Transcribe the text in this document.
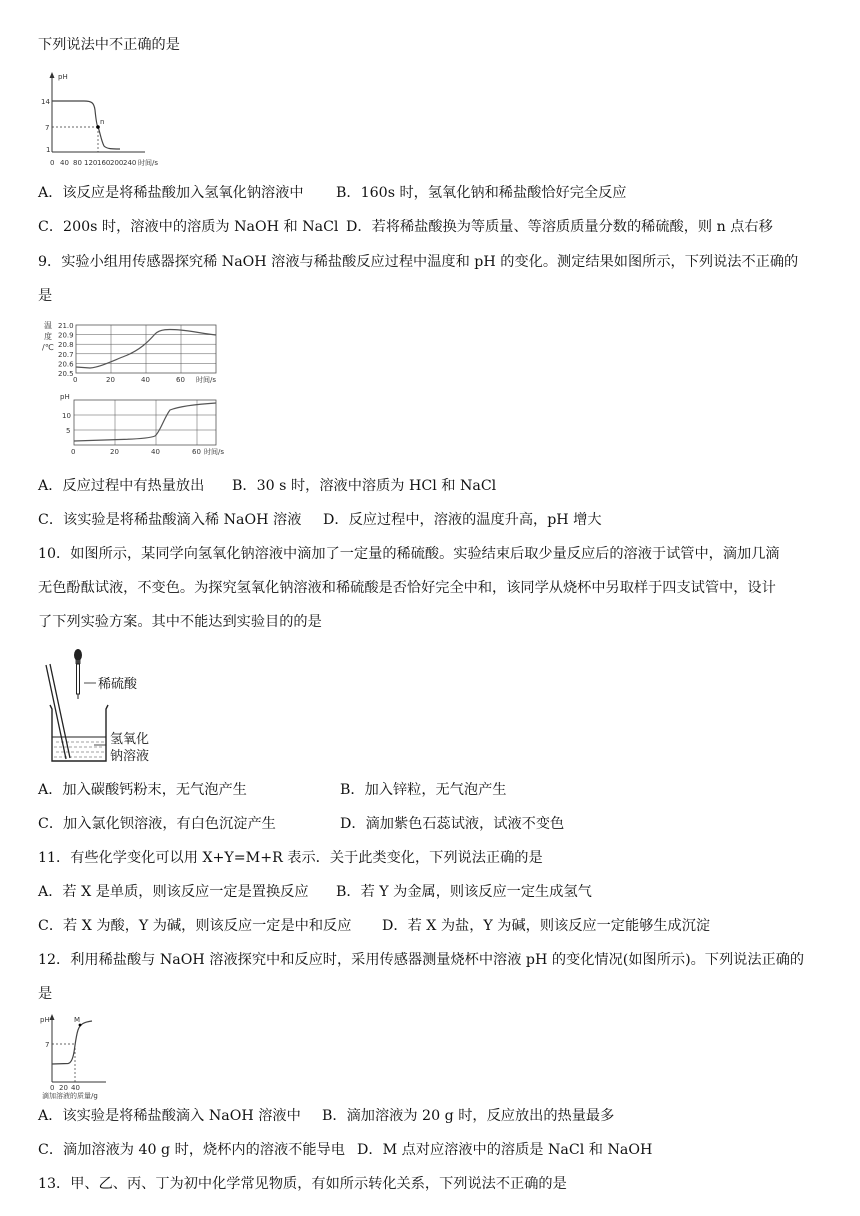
下列说法中不正确的是
pH
14
7
1
n
0 40 80 120 160 200 240 时间/s
A．该反应是将稀盐酸加入氢氧化钠溶液中 B．160s 时，氢氧化钠和稀盐酸恰好完全反应
C．200s 时，溶液中的溶质为 NaOH 和 NaCl D．若将稀盐酸换为等质量、等溶质质量分数的稀硫酸，则 n 点右移
9．实验小组用传感器探究稀 NaOH 溶液与稀盐酸反应过程中温度和 pH 的变化。测定结果如图所示，下列说法不正确的
是
温
度
/℃
21.0
20.9
20.8
20.7
20.6
20.5
0	20	40	60 时间/s
pH
10
5
0	20	40	60 时间/s
A．反应过程中有热量放出 B．30 s 时，溶液中溶质为 HCl 和 NaCl
C．该实验是将稀盐酸滴入稀 NaOH 溶液 D．反应过程中，溶液的温度升高，pH 增大
10．如图所示，某同学向氢氧化钠溶液中滴加了一定量的稀硫酸。实验结束后取少量反应后的溶液于试管中，滴加几滴
无色酚酞试液，不变色。为探究氢氧化钠溶液和稀硫酸是否恰好完全中和，该同学从烧杯中另取样于四支试管中，设计
了下列实验方案。其中不能达到实验目的的是
稀硫酸
氢氧化
钠溶液
A．加入碳酸钙粉末，无气泡产生	B．加入锌粒，无气泡产生
C．加入氯化钡溶液，有白色沉淀产生	D．滴加紫色石蕊试液，试液不变色
11．有些化学变化可以用 X+Y=M+R 表示．关于此类变化，下列说法正确的是
A．若 X 是单质，则该反应一定是置换反应 B．若 Y 为金属，则该反应一定生成氢气
C．若 X 为酸，Y 为碱，则该反应一定是中和反应 D．若 X 为盐，Y 为碱，则该反应一定能够生成沉淀
12．利用稀盐酸与 NaOH 溶液探究中和反应时，采用传感器测量烧杯中溶液 pH 的变化情况(如图所示)。下列说法正确的
是
pH
7
M
0 20 40
滴加溶液的质量/g
A．该实验是将稀盐酸滴入 NaOH 溶液中 B．滴加溶液为 20 g 时，反应放出的热量最多
C．滴加溶液为 40 g 时，烧杯内的溶液不能导电 D．M 点对应溶液中的溶质是 NaCl 和 NaOH
13．甲、乙、丙、丁为初中化学常见物质，有如所示转化关系，下列说法不正确的是
